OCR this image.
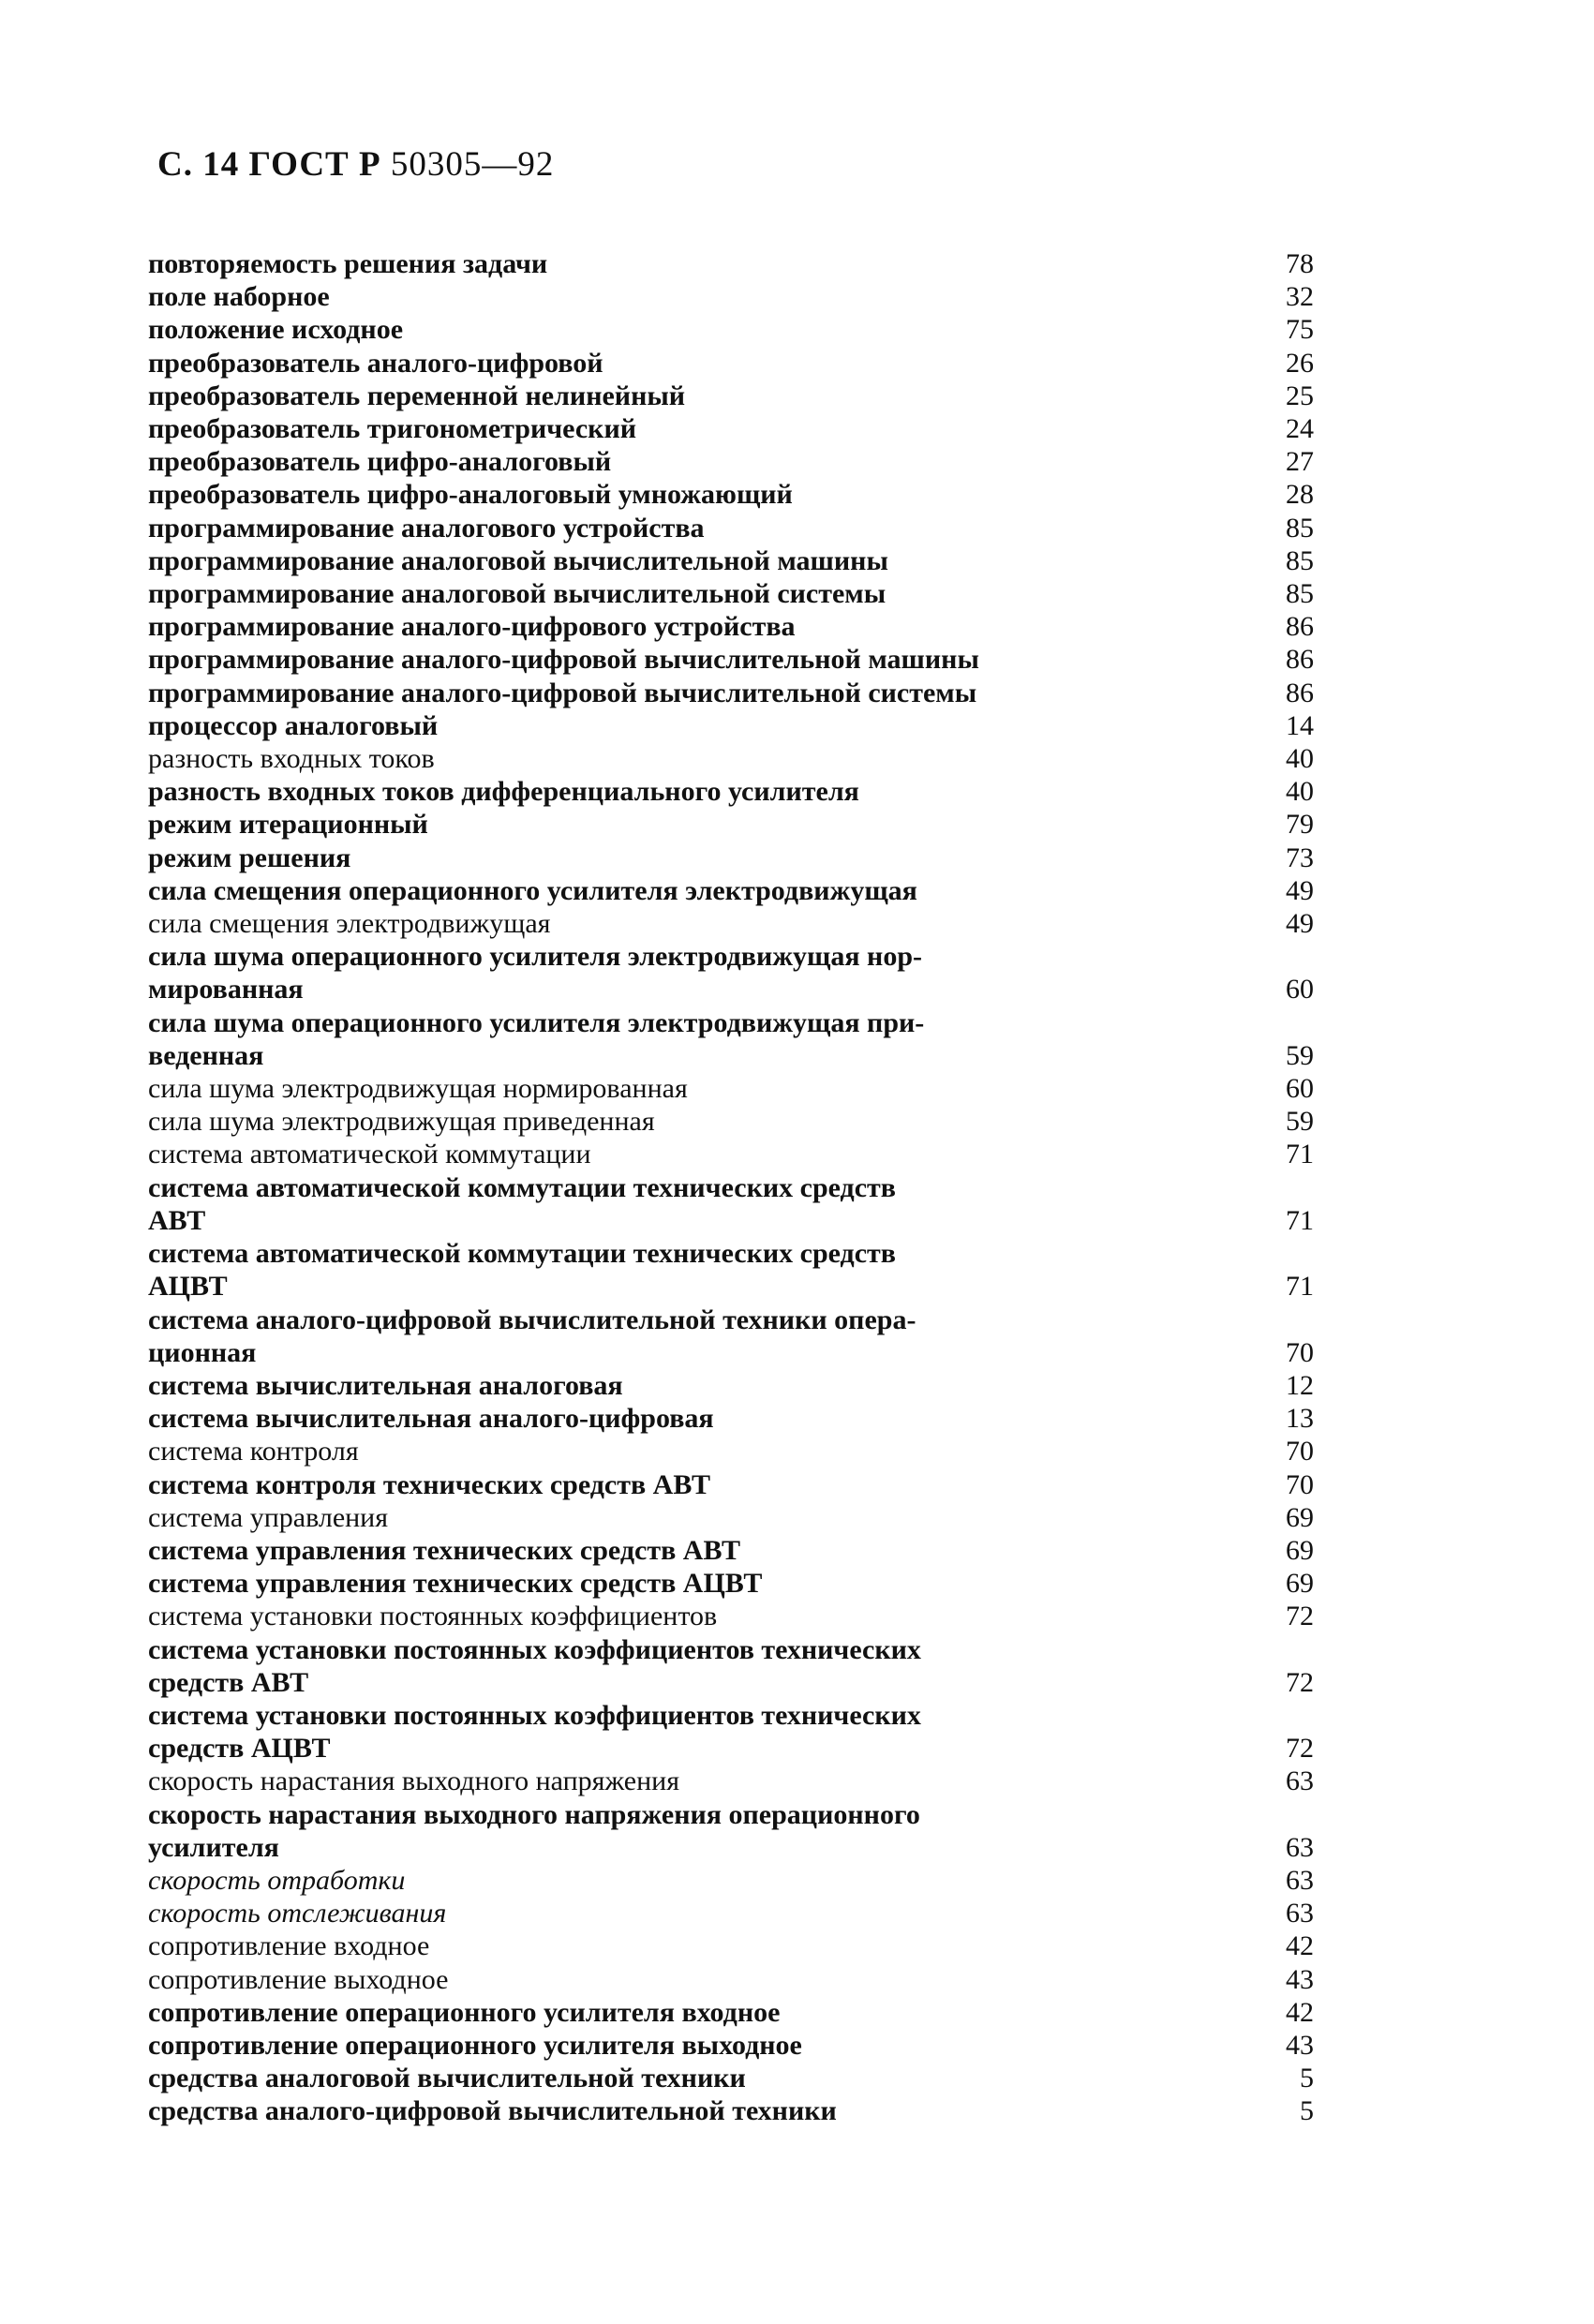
С. 14 ГОСТ Р 50305—92
повторяемость решения задачи	78
поле наборное	32
положение исходное	75
преобразователь аналого-цифровой	26
преобразователь переменной нелинейный	25
преобразователь тригонометрический	24
преобразователь цифро-аналоговый	27
преобразователь цифро-аналоговый умножающий	28
программирование аналогового устройства	85
программирование аналоговой вычислительной машины	85
программирование аналоговой вычислительной системы	85
программирование аналого-цифрового устройства	86
программирование аналого-цифровой вычислительной машины	86
программирование аналого-цифровой вычислительной системы	86
процессор аналоговый	14
разность входных токов	40
разность входных токов дифференциального усилителя	40
режим итерационный	79
режим решения	73
сила смещения операционного усилителя электродвижущая	49
сила смещения электродвижущая	49
сила шума операционного усилителя электродвижущая нор-
мированная	60
сила шума операционного усилителя электродвижущая при-
веденная	59
сила шума электродвижущая нормированная	60
сила шума электродвижущая приведенная	59
система автоматической коммутации	71
система автоматической коммутации технических средств
АВТ	71
система автоматической коммутации технических средств
АЦВТ	71
система аналого-цифровой вычислительной техники опера-
ционная	70
система вычислительная аналоговая	12
система вычислительная аналого-цифровая	13
система контроля	70
система контроля технических средств АВТ	70
система управления	69
система управления технических средств АВТ	69
система управления технических средств АЦВТ	69
система установки постоянных коэффициентов	72
система установки постоянных коэффициентов технических
средств АВТ	72
система установки постоянных коэффициентов технических
средств АЦВТ	72
скорость нарастания выходного напряжения	63
скорость нарастания выходного напряжения операционного
усилителя	63
скорость отработки	63
скорость отслеживания	63
сопротивление входное	42
сопротивление выходное	43
сопротивление операционного усилителя входное	42
сопротивление операционного усилителя выходное	43
средства аналоговой вычислительной техники	5
средства аналого-цифровой вычислительной техники	5
